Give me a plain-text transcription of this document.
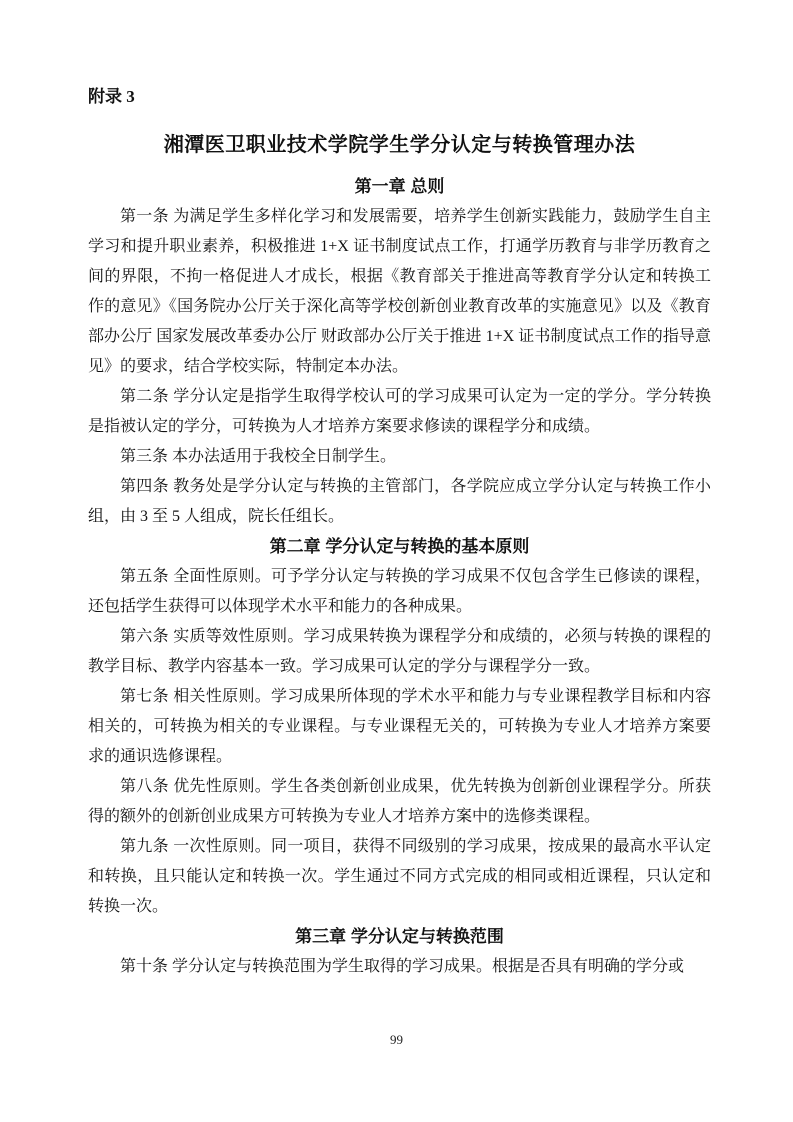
附录 3

湘潭医卫职业技术学院学生学分认定与转换管理办法
第一章 总则

第一条 为满足学生多样化学习和发展需要，培养学生创新实践能力，鼓励学生自主学习和提升职业素养，积极推进 1+X 证书制度试点工作，打通学历教育与非学历教育之间的界限，不拘一格促进人才成长，根据《教育部关于推进高等教育学分认定和转换工作的意见》《国务院办公厅关于深化高等学校创新创业教育改革的实施意见》以及《教育部办公厅 国家发展改革委办公厅 财政部办公厅关于推进 1+X 证书制度试点工作的指导意见》的要求，结合学校实际，特制定本办法。

第二条 学分认定是指学生取得学校认可的学习成果可认定为一定的学分。学分转换是指被认定的学分，可转换为人才培养方案要求修读的课程学分和成绩。

第三条 本办法适用于我校全日制学生。

第四条 教务处是学分认定与转换的主管部门，各学院应成立学分认定与转换工作小组，由 3 至 5 人组成，院长任组长。

第二章 学分认定与转换的基本原则

第五条 全面性原则。可予学分认定与转换的学习成果不仅包含学生已修读的课程，还包括学生获得可以体现学术水平和能力的各种成果。

第六条 实质等效性原则。学习成果转换为课程学分和成绩的，必须与转换的课程的教学目标、教学内容基本一致。学习成果可认定的学分与课程学分一致。

第七条 相关性原则。学习成果所体现的学术水平和能力与专业课程教学目标和内容相关的，可转换为相关的专业课程。与专业课程无关的，可转换为专业人才培养方案要求的通识选修课程。

第八条 优先性原则。学生各类创新创业成果，优先转换为创新创业课程学分。所获得的额外的创新创业成果方可转换为专业人才培养方案中的选修类课程。

第九条 一次性原则。同一项目，获得不同级别的学习成果，按成果的最高水平认定和转换，且只能认定和转换一次。学生通过不同方式完成的相同或相近课程，只认定和转换一次。

第三章 学分认定与转换范围

第十条 学分认定与转换范围为学生取得的学习成果。根据是否具有明确的学分或

99
